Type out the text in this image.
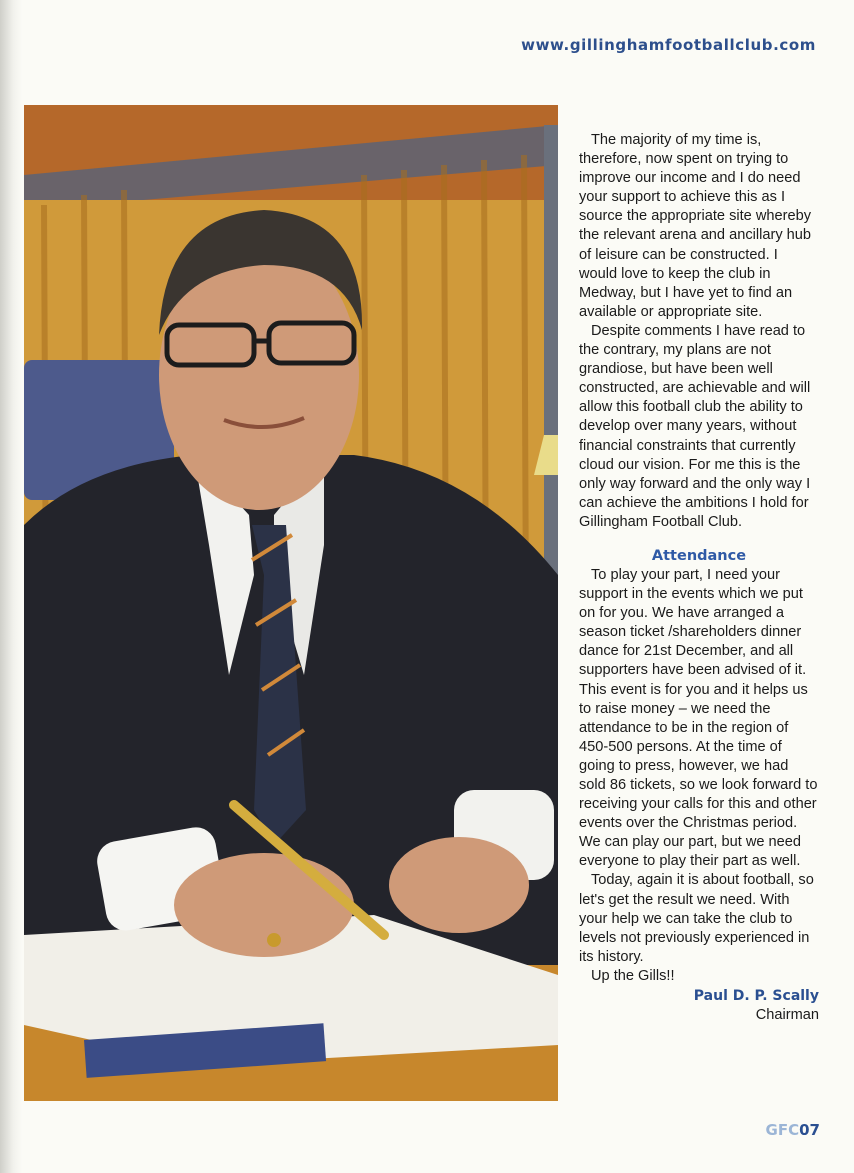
www.gillinghamfootballclub.com

The majority of my time is, therefore, now spent on trying to improve our income and I do need your support to achieve this as I source the appropriate site whereby the relevant arena and ancillary hub of leisure can be constructed. I would love to keep the club in Medway, but I have yet to find an available or appropriate site.

Despite comments I have read to the contrary, my plans are not grandiose, but have been well constructed, are achievable and will allow this football club the ability to develop over many years, without financial constraints that currently cloud our vision. For me this is the only way forward and the only way I can achieve the ambitions I hold for Gillingham Football Club.

Attendance

To play your part, I need your support in the events which we put on for you. We have arranged a season ticket /shareholders dinner dance for 21st December, and all supporters have been advised of it. This event is for you and it helps us to raise money – we need the attendance to be in the region of 450-500 persons. At the time of going to press, however, we had sold 86 tickets, so we look forward to receiving your calls for this and other events over the Christmas period. We can play our part, but we need everyone to play their part as well.

Today, again it is about football, so let's get the result we need. With your help we can take the club to levels not previously experienced in its history.

Up the Gills!!

Paul D. P. Scally
Chairman
GFC07
